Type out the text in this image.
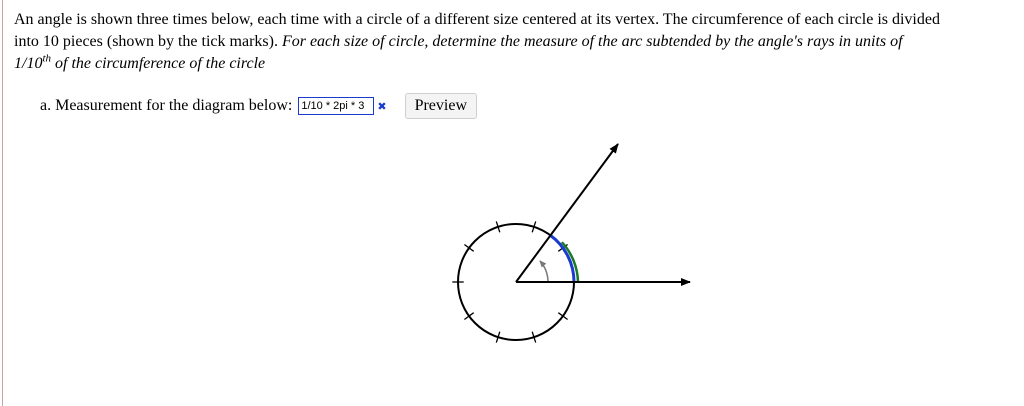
An angle is shown three times below, each time with a circle of a different size centered at its vertex. The circumference of each circle is divided
into 10 pieces (shown by the tick marks). For each size of circle, determine the measure of the arc subtended by the angle's rays in units of
1/10th of the circumference of the circle
a. Measurement for the diagram below: 1/10 * 2pi * 3	✖	Preview
